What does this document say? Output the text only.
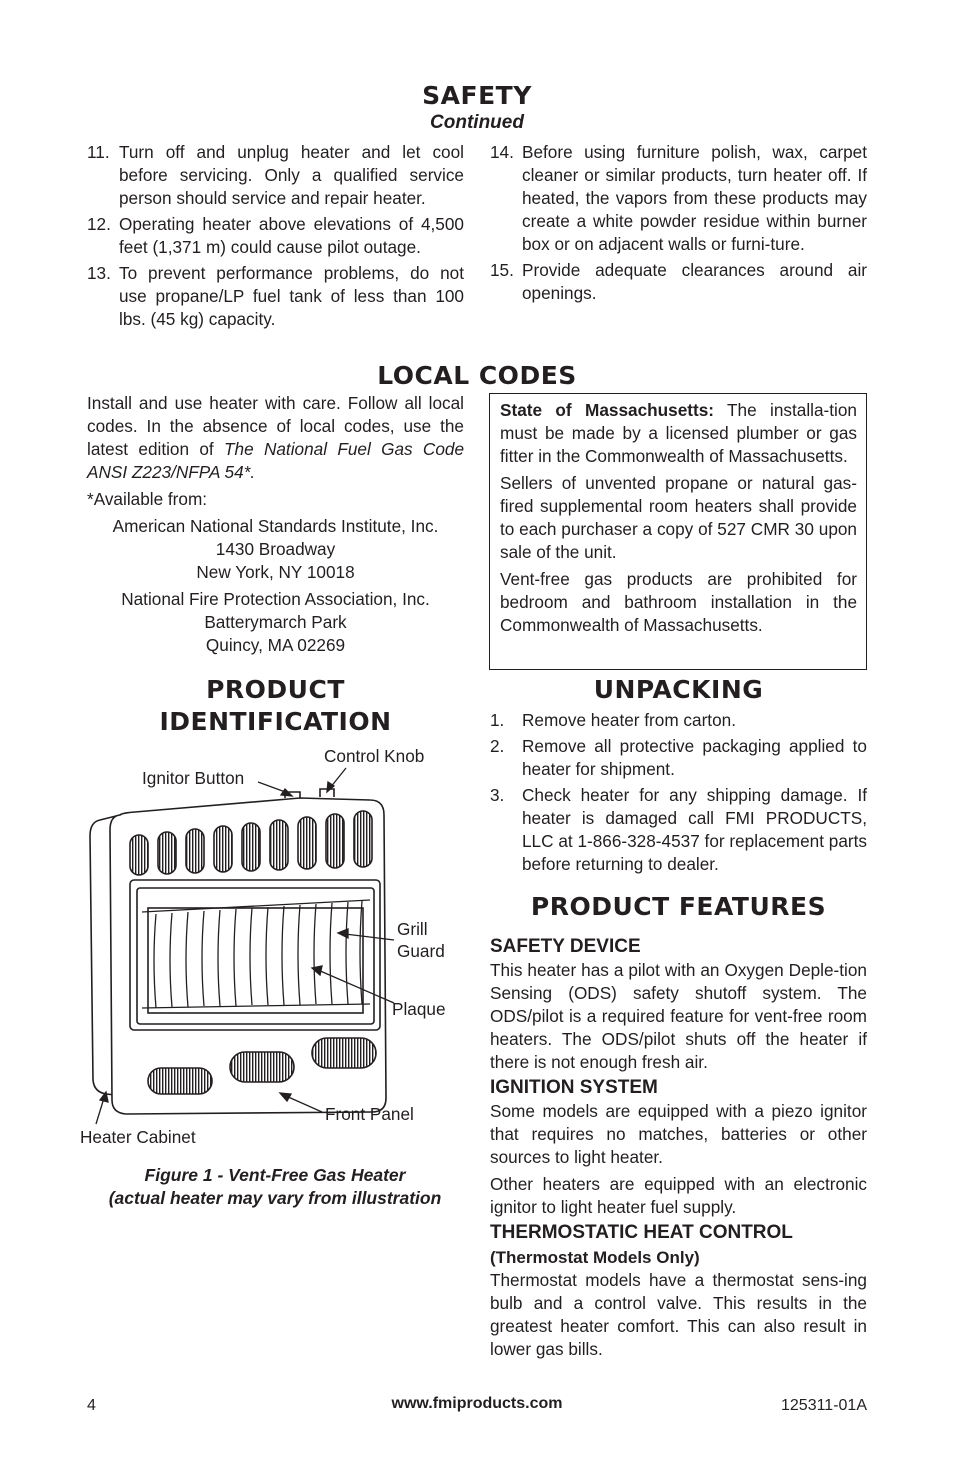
SAFETY
Continued
11. Turn off and unplug heater and let cool before servicing. Only a qualified service person should service and repair heater.
12. Operating heater above elevations of 4,500 feet (1,371 m) could cause pilot outage.
13. To prevent performance problems, do not use propane/LP fuel tank of less than 100 lbs. (45 kg) capacity.
14. Before using furniture polish, wax, carpet cleaner or similar products, turn heater off. If heated, the vapors from these products may create a white powder residue within burner box or on adjacent walls or furni-ture.
15. Provide adequate clearances around air openings.
LOCAL CODES

Install and use heater with care. Follow all local codes. In the absence of local codes, use the latest edition of The National Fuel Gas Code ANSI Z223/NFPA 54*.

*Available from:

American National Standards Institute, Inc.
1430 Broadway
New York, NY 10018
National Fire Protection Association, Inc.
Batterymarch Park
Quincy, MA 02269

State of Massachusetts: The installa-tion must be made by a licensed plumber or gas fitter in the Commonwealth of Massachusetts.

Sellers of unvented propane or natural gas-fired supplemental room heaters shall provide to each purchaser a copy of 527 CMR 30 upon sale of the unit.

Vent-free gas products are prohibited for bedroom and bathroom installation in the Commonwealth of Massachusetts.

PRODUCT
IDENTIFICATION
Control Knob
Ignitor Button
Grill
Guard
Plaque
Front Panel
Heater Cabinet
Figure 1 - Vent-Free Gas Heater
(actual heater may vary from illustration
UNPACKING
1. Remove heater from carton.
2. Remove all protective packaging applied to heater for shipment.
3. Check heater for any shipping damage. If heater is damaged call FMI PRODUCTS, LLC at 1-866-328-4537 for replacement parts before returning to dealer.
PRODUCT FEATURES
SAFETY DEVICE

This heater has a pilot with an Oxygen Deple-tion Sensing (ODS) safety shutoff system. The ODS/pilot is a required feature for vent-free room heaters. The ODS/pilot shuts off the heater if there is not enough fresh air.

IGNITION SYSTEM

Some models are equipped with a piezo ignitor that requires no matches, batteries or other sources to light heater.

Other heaters are equipped with an electronic ignitor to light heater fuel supply.

THERMOSTATIC HEAT CONTROL
(Thermostat Models Only)

Thermostat models have a thermostat sens-ing bulb and a control valve. This results in the greatest heater comfort. This can also result in lower gas bills.

4	www.fmiproducts.com	125311-01A
